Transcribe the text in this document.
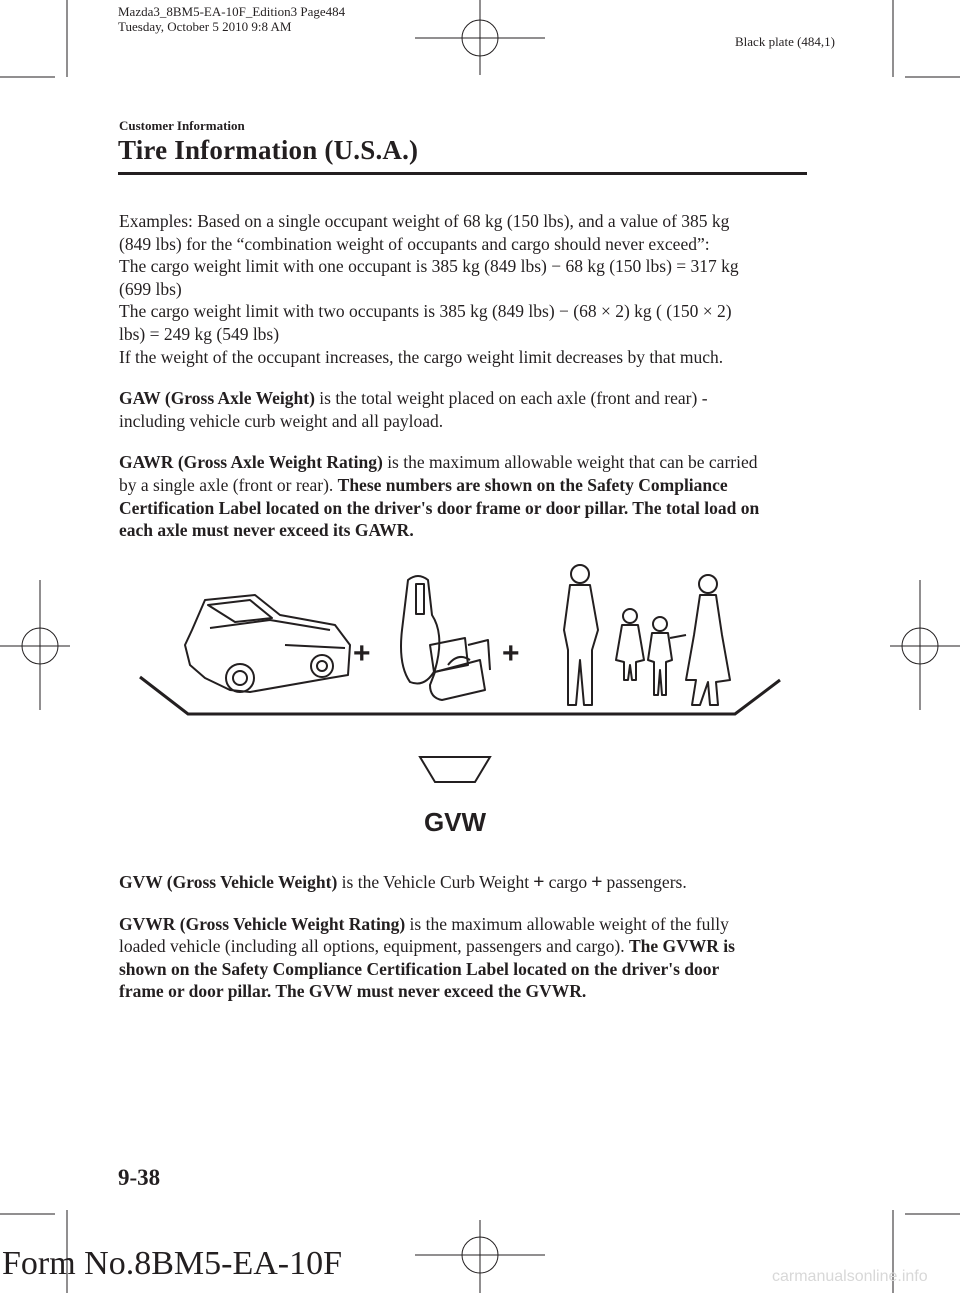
Mazda3_8BM5-EA-10F_Edition3 Page484
Tuesday, October 5 2010 9:8 AM
Black plate (484,1)
Customer Information
Tire Information (U.S.A.)

Examples: Based on a single occupant weight of 68 kg (150 lbs), and a value of 385 kg
(849 lbs) for the “combination weight of occupants and cargo should never exceed”:
The cargo weight limit with one occupant is 385 kg (849 lbs) − 68 kg (150 lbs) = 317 kg
(699 lbs)
The cargo weight limit with two occupants is 385 kg (849 lbs) − (68 × 2) kg ( (150 × 2)
lbs) = 249 kg (549 lbs)
If the weight of the occupant increases, the cargo weight limit decreases by that much.

GAW (Gross Axle Weight) is the total weight placed on each axle (front and rear) -
including vehicle curb weight and all payload.

GAWR (Gross Axle Weight Rating) is the maximum allowable weight that can be carried
by a single axle (front or rear). These numbers are shown on the Safety Compliance
Certification Label located on the driver's door frame or door pillar. The total load on
each axle must never exceed its GAWR.

+	+
GVW

GVW (Gross Vehicle Weight) is the Vehicle Curb Weight + cargo + passengers.

GVWR (Gross Vehicle Weight Rating) is the maximum allowable weight of the fully
loaded vehicle (including all options, equipment, passengers and cargo). The GVWR is
shown on the Safety Compliance Certification Label located on the driver's door
frame or door pillar. The GVW must never exceed the GVWR.

9-38
Form No.8BM5-EA-10F	carmanualsonline.info
